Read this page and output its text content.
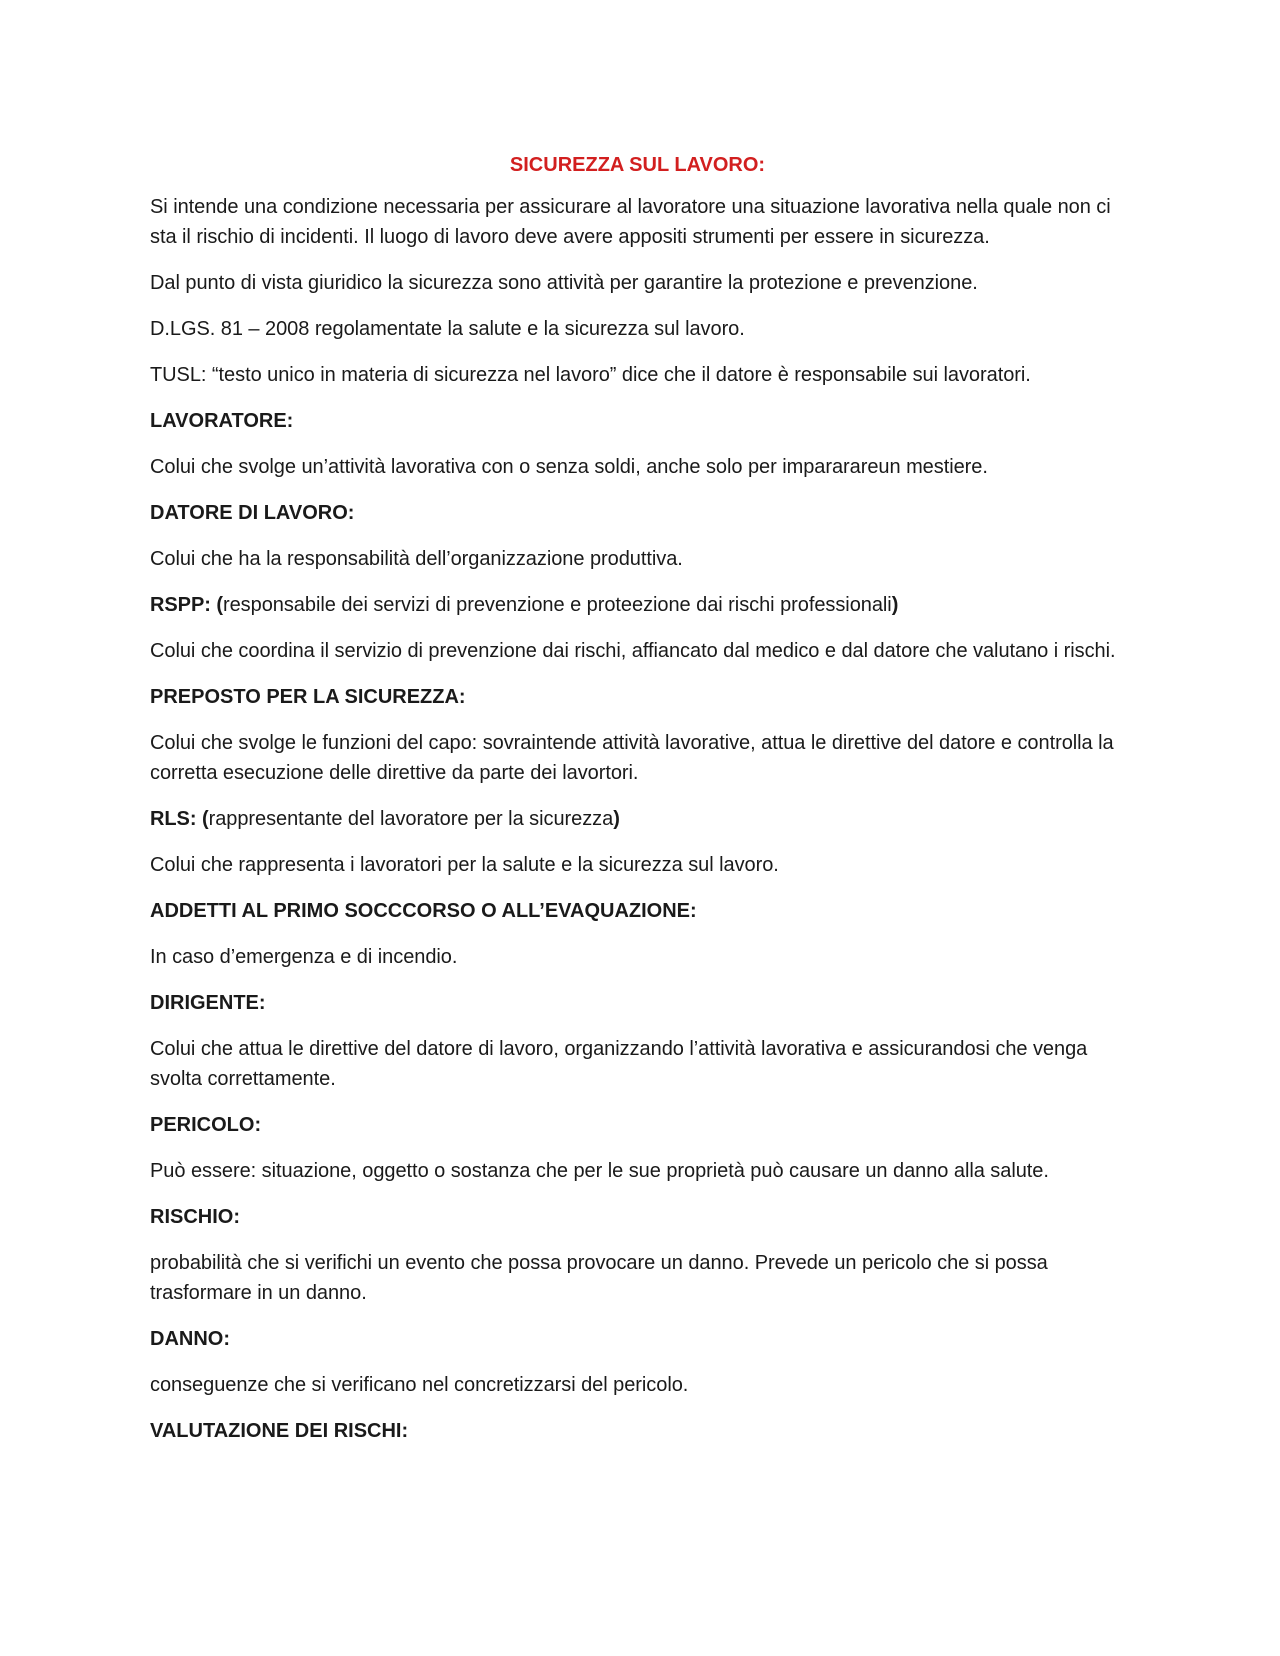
SICUREZZA SUL LAVORO:
Si intende una condizione necessaria per assicurare al lavoratore una situazione lavorativa nella quale non ci sta il rischio di incidenti. Il luogo di lavoro deve avere appositi strumenti per essere in sicurezza.
Dal punto di vista giuridico la sicurezza sono attività per garantire la protezione e prevenzione.
D.LGS. 81 – 2008 regolamentate la salute e la sicurezza sul lavoro.
TUSL: “testo unico in materia di sicurezza nel lavoro” dice che il datore è responsabile sui lavoratori.
LAVORATORE:
Colui che svolge un’attività lavorativa con o senza soldi, anche solo per impararareun mestiere.
DATORE DI LAVORO:
Colui che ha la responsabilità dell’organizzazione produttiva.
RSPP: (responsabile dei servizi di prevenzione e proteezione dai rischi professionali)
Colui che coordina il servizio di prevenzione dai rischi, affiancato dal medico e dal datore che valutano i rischi.
PREPOSTO PER LA SICUREZZA:
Colui che svolge le funzioni del capo: sovraintende attività lavorative, attua le direttive del datore e controlla la corretta esecuzione delle direttive da parte dei lavortori.
RLS: (rappresentante del lavoratore per la sicurezza)
Colui che rappresenta i lavoratori per la salute e la sicurezza sul lavoro.
ADDETTI AL PRIMO SOCCCORSO O ALL’EVAQUAZIONE:
In caso d’emergenza e di incendio.
DIRIGENTE:
Colui che attua le direttive del datore di lavoro, organizzando l’attività lavorativa e assicurandosi che venga svolta correttamente.
PERICOLO:
Può essere: situazione, oggetto o sostanza che per le sue proprietà può causare un danno alla salute.
RISCHIO:
probabilità che si verifichi un evento che possa provocare un danno. Prevede un pericolo che si possa trasformare in un danno.
DANNO:
conseguenze che si verificano nel concretizzarsi del pericolo.
VALUTAZIONE DEI RISCHI:
